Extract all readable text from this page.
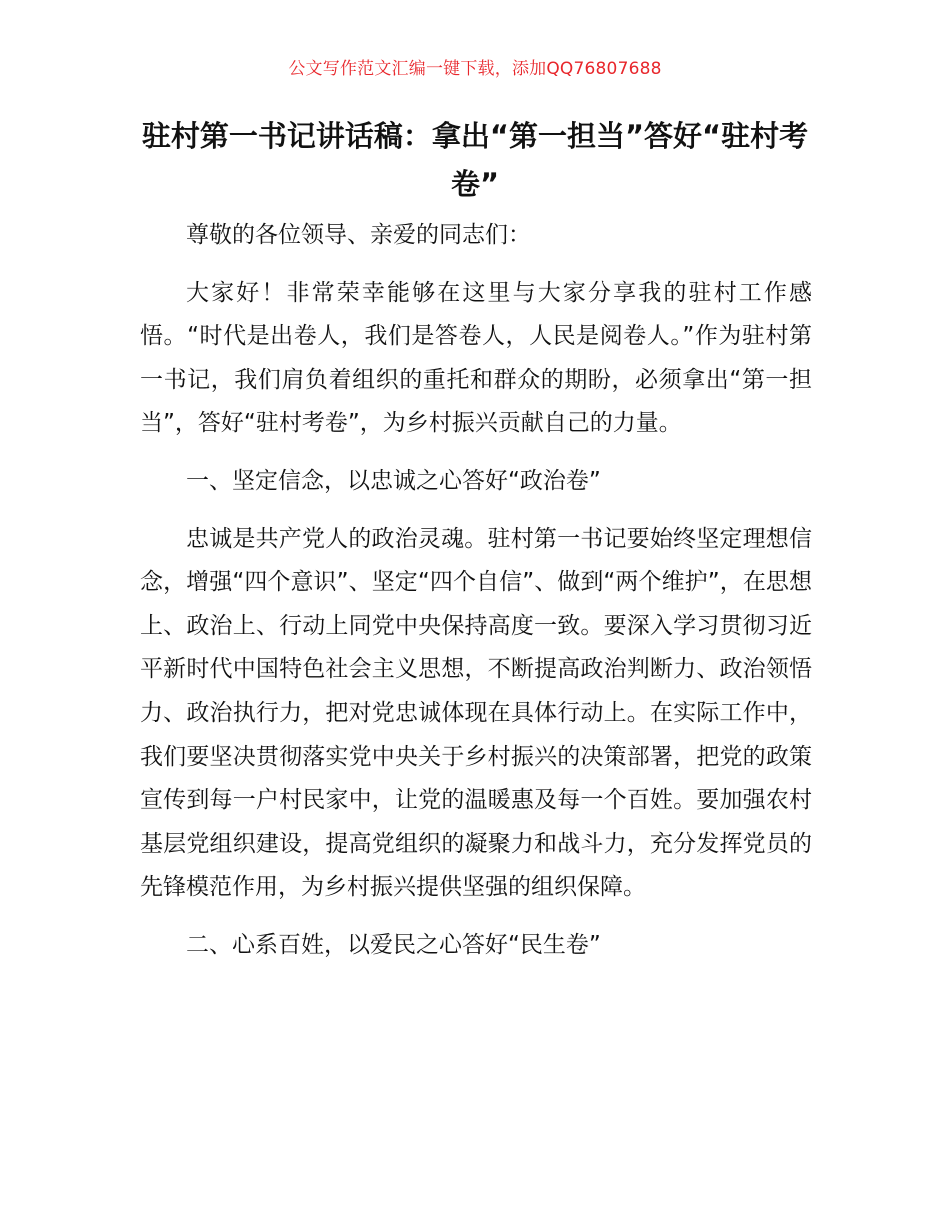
公文写作范文汇编一键下载，添加QQ76807688
驻村第一书记讲话稿：拿出“第一担当”答好“驻村考卷”

尊敬的各位领导、亲爱的同志们：

大家好！非常荣幸能够在这里与大家分享我的驻村工作感悟。“时代是出卷人，我们是答卷人，人民是阅卷人。”作为驻村第一书记，我们肩负着组织的重托和群众的期盼，必须拿出“第一担当”，答好“驻村考卷”，为乡村振兴贡献自己的力量。

一、坚定信念，以忠诚之心答好“政治卷”

忠诚是共产党人的政治灵魂。驻村第一书记要始终坚定理想信念，增强“四个意识”、坚定“四个自信”、做到“两个维护”，在思想上、政治上、行动上同党中央保持高度一致。要深入学习贯彻习近平新时代中国特色社会主义思想，不断提高政治判断力、政治领悟力、政治执行力，把对党忠诚体现在具体行动上。在实际工作中，我们要坚决贯彻落实党中央关于乡村振兴的决策部署，把党的政策宣传到每一户村民家中，让党的温暖惠及每一个百姓。要加强农村基层党组织建设，提高党组织的凝聚力和战斗力，充分发挥党员的先锋模范作用，为乡村振兴提供坚强的组织保障。

二、心系百姓，以爱民之心答好“民生卷”
